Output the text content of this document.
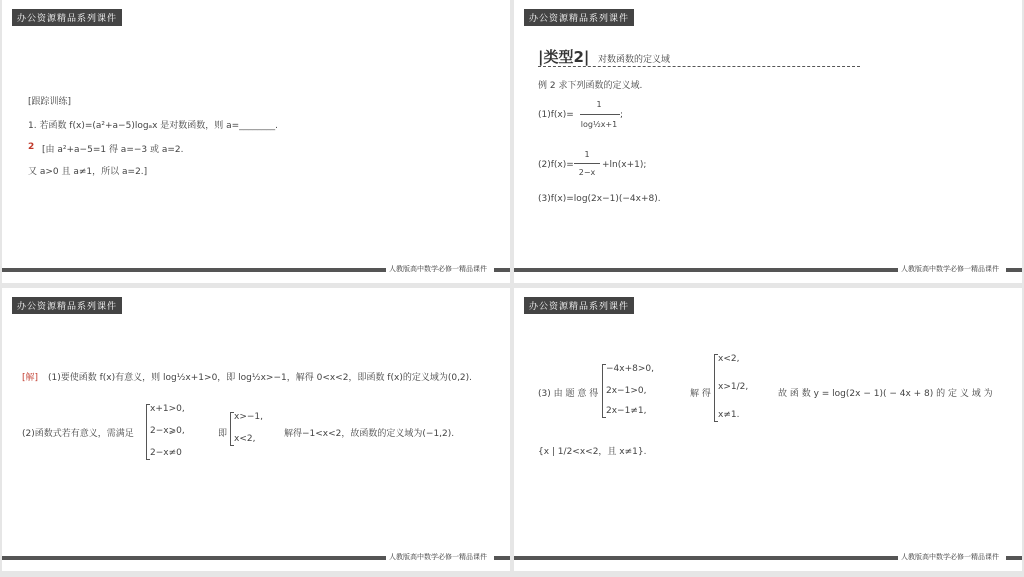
办公资源精品系列课件
[跟踪训练]
1. 若函数 f(x)=(a²+a−5)logₐx 是对数函数，则 a=________.
2 [由 a²+a−5=1 得 a=−3 或 a=2.
又 a>0 且 a≠1，所以 a=2.]
人教版高中数学必修一精品课件
办公资源精品系列课件
|类型2| 对数函数的定义域
例 2 求下列函数的定义域.
(1)f(x)=
1
log½x+1
;
(2)f(x)=
1
2−x
+ln(x+1);
(3)f(x)=log(2x−1)(−4x+8).
人教版高中数学必修一精品课件
办公资源精品系列课件
[解] (1)要使函数 f(x)有意义，则 log½x+1>0，即 log½x>−1，解得 0<x<2，即函数 f(x)的定义域为(0,2).
(2)函数式若有意义，需满足
x+1>0,
2−x⩾0,
2−x≠0
即
x>−1,
x<2,	解得−1<x<2，故函数的定义域为(−1,2).
人教版高中数学必修一精品课件
办公资源精品系列课件
(3) 由 题 意 得
−4x+8>0,
2x−1>0,
2x−1≠1,
解 得
x<2,
x>1/2,
x≠1.
故 函 数 y = log(2x − 1)( − 4x + 8) 的 定 义 域 为
{x | 1/2<x<2，且 x≠1}.
人教版高中数学必修一精品课件
